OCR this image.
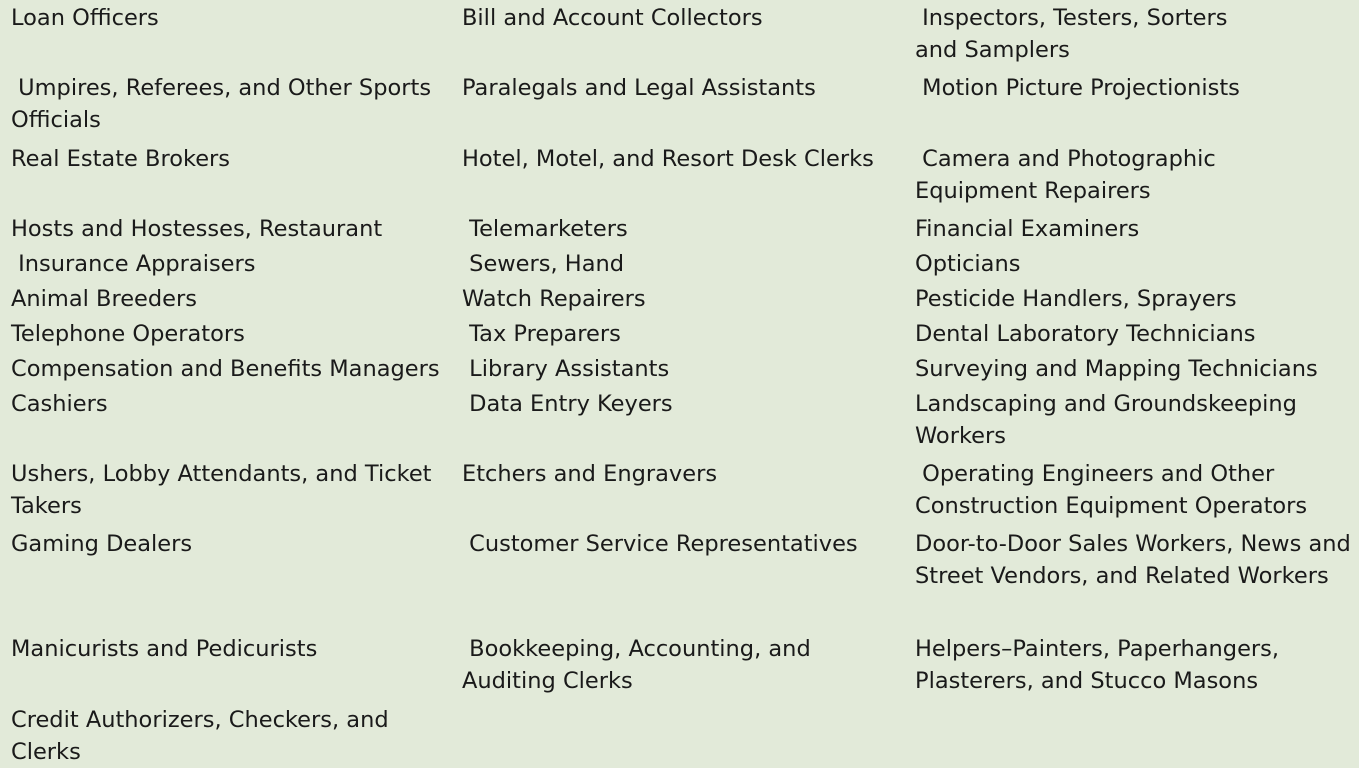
Loan Officers
Umpires, Referees, and Other Sports Officials
Real Estate Brokers
Hosts and Hostesses, Restaurant
Insurance Appraisers
Animal Breeders
Telephone Operators
Compensation and Benefits Managers
Cashiers
Ushers, Lobby Attendants, and Ticket Takers
Gaming Dealers
Manicurists and Pedicurists
Credit Authorizers, Checkers, and Clerks
Bill and Account Collectors
Paralegals and Legal Assistants
Hotel, Motel, and Resort Desk Clerks
Telemarketers
Sewers, Hand
Watch Repairers
Tax Preparers
Library Assistants
Data Entry Keyers
Etchers and Engravers
Customer Service Representatives
Bookkeeping, Accounting, and Auditing Clerks
Inspectors, Testers, Sorters and Samplers
Motion Picture Projectionists
Camera and Photographic Equipment Repairers
Financial Examiners
Opticians
Pesticide Handlers, Sprayers
Dental Laboratory Technicians
Surveying and Mapping Technicians
Landscaping and Groundskeeping Workers
Operating Engineers and Other Construction Equipment Operators
Door-to-Door Sales Workers, News and Street Vendors, and Related Workers
Helpers–Painters, Paperhangers, Plasterers, and Stucco Masons
